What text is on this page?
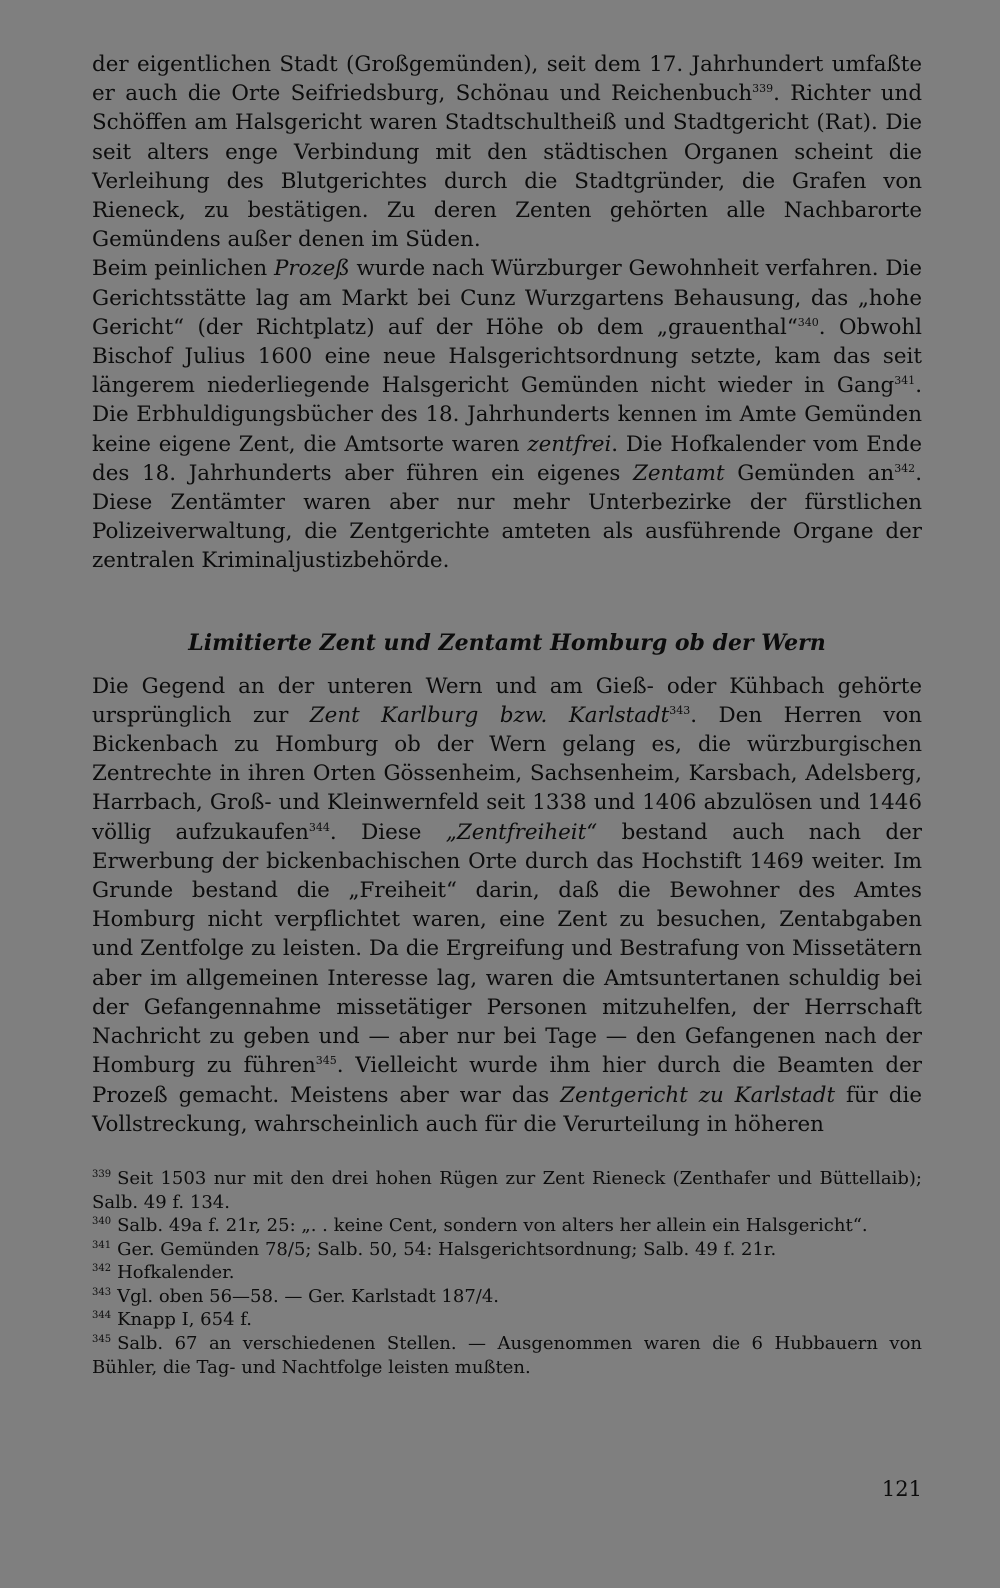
der eigentlichen Stadt (Großgemünden), seit dem 17. Jahrhundert umfaßte er auch die Orte Seifriedsburg, Schönau und Reichenbuch$^{339}$. Richter und Schöffen am Halsgericht waren Stadtschultheiß und Stadtgericht (Rat). Die seit alters enge Verbindung mit den städtischen Organen scheint die Verleihung des Blutgerichtes durch die Stadtgründer, die Grafen von Rieneck, zu bestätigen. Zu deren Zenten gehörten alle Nachbarorte Gemündens außer denen im Süden.

Beim peinlichen Prozeß wurde nach Würzburger Gewohnheit verfahren. Die Gerichtsstätte lag am Markt bei Cunz Wurzgartens Behausung, das „hohe Gericht“ (der Richtplatz) auf der Höhe ob dem „grauenthal“$^{340}$. Obwohl Bischof Julius 1600 eine neue Halsgerichtsordnung setzte, kam das seit längerem niederliegende Halsgericht Gemünden nicht wieder in Gang$^{341}$. Die Erbhuldigungsbücher des 18. Jahrhunderts kennen im Amte Gemünden keine eigene Zent, die Amtsorte waren zentfrei. Die Hofkalender vom Ende des 18. Jahrhunderts aber führen ein eigenes Zentamt Gemünden $an^{342}$. Diese Zentämter waren aber nur mehr Unterbezirke der fürstlichen Polizeiverwaltung, die Zentgerichte amteten als ausführende Organe der zentralen Kriminaljustizbehörde.

Limitierte Zent und Zentamt Homburg ob der Wern

Die Gegend an der unteren Wern und am Gieß- oder Kühbach gehörte ursprünglich zur Zent Karlburg bzw. Karlstadt$^{343}$. Den Herren von Bickenbach zu Homburg ob der Wern gelang es, die würzburgischen Zentrechte in ihren Orten Gössenheim, Sachsenheim, Karsbach, Adelsberg, Harrbach, Groß- und Kleinwernfeld seit 1338 und 1406 abzulösen und 1446 völlig aufzukaufen$^{344}$. Diese „Zentfreiheit“ bestand auch nach der Erwerbung der bickenbachischen Orte durch das Hochstift 1469 weiter. Im Grunde bestand die „Freiheit“ darin, daß die Bewohner des Amtes Homburg nicht verpflichtet waren, eine Zent zu besuchen, Zentabgaben und Zentfolge zu leisten. Da die Ergreifung und Bestrafung von Missetätern aber im allgemeinen Interesse lag, waren die Amtsuntertanen schuldig bei der Gefangennahme missetätiger Personen mitzuhelfen, der Herrschaft Nachricht zu geben und — aber nur bei Tage — den Gefangenen nach der Homburg zu führen$^{345}$. Vielleicht wurde ihm hier durch die Beamten der Prozeß gemacht. Meistens aber war das Zentgericht zu Karlstadt für die Vollstreckung, wahrscheinlich auch für die Verurteilung in höheren

$^{339}$ Seit 1503 nur mit den drei hohen Rügen zur Zent Rieneck (Zenthafer und Büttellaib); Salb. 49 f. 134.

$^{340}$ Salb. 49a f. 21r, 25: „. . keine Cent, sondern von alters her allein ein Halsgericht“.

$^{341}$ Ger. Gemünden 78/5; Salb. 50, 54: Halsgerichtsordnung; Salb. 49 f. 21r.

$^{342}$ Hofkalender.

$^{343}$ Vgl. oben 56—58. — Ger. Karlstadt 187/4.

$^{344}$ Knapp I, 654 f.

$^{345}$ Salb. 67 an verschiedenen Stellen. — Ausgenommen waren die 6 Hubbauern von Bühler, die Tag- und Nachtfolge leisten mußten.

121
